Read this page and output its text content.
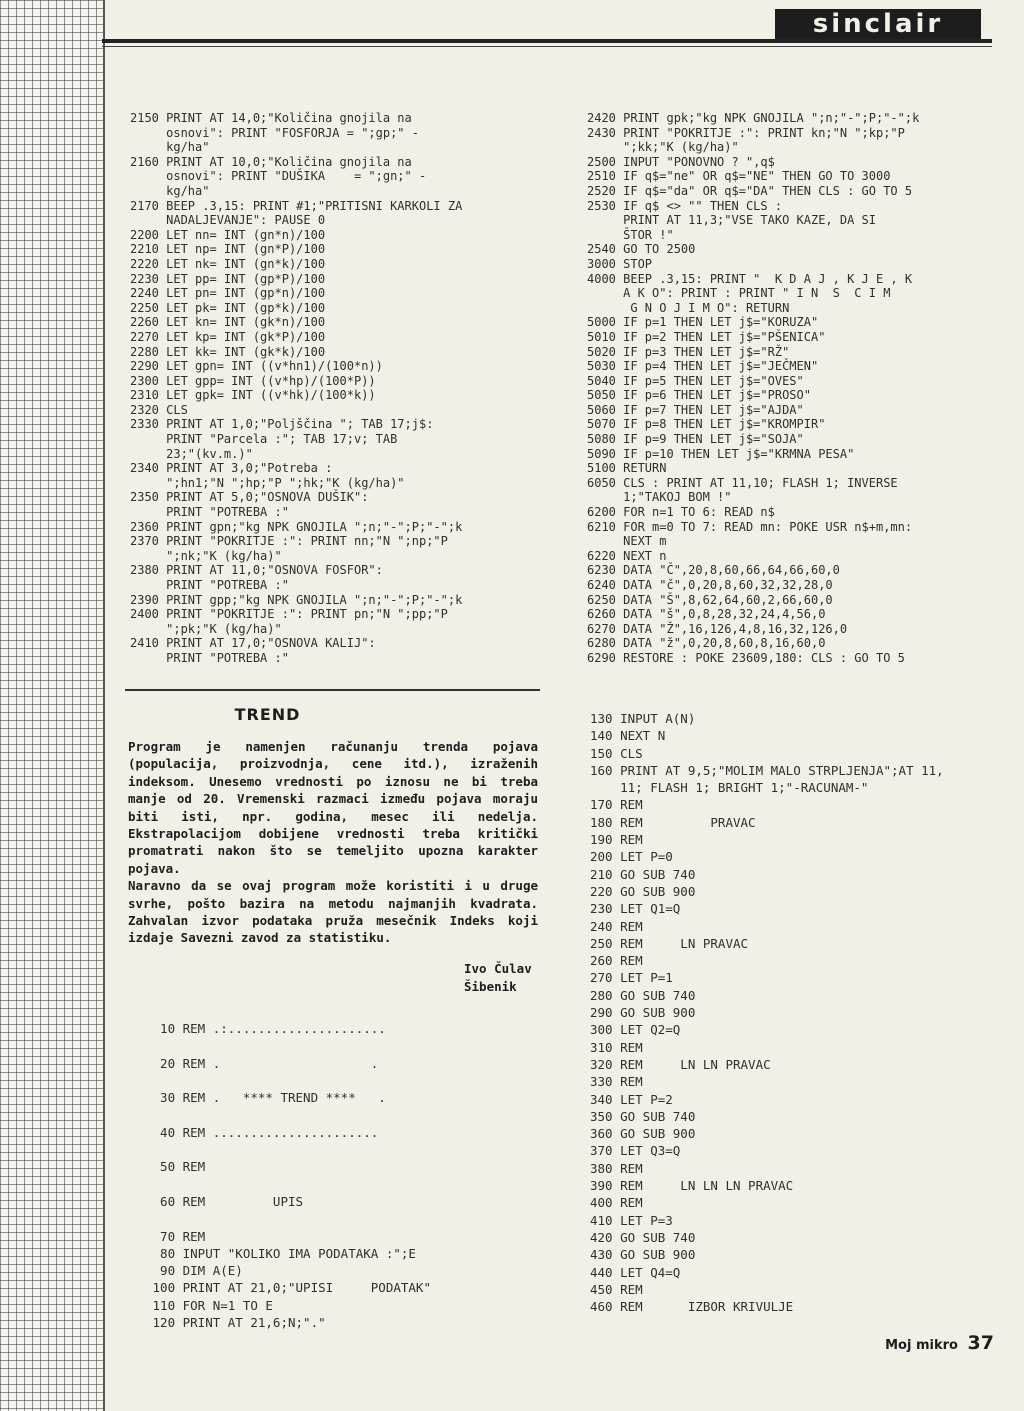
sinclair
2150 PRINT AT 14,0;"Količina gnojila na
osnovi": PRINT "FOSFORJA = ";gp;" -
kg/ha"
2160 PRINT AT 10,0;"Količina gnojila na
osnovi": PRINT "DUŠIKA    = ";gn;" -
kg/ha"
2170 BEEP .3,15: PRINT #1;"PRITISNI KARKOLI ZA
NADALJEVANJE": PAUSE 0
2200 LET nn= INT (gn*n)/100
2210 LET np= INT (gn*P)/100
2220 LET nk= INT (gn*k)/100
2230 LET pp= INT (gp*P)/100
2240 LET pn= INT (gp*n)/100
2250 LET pk= INT (gp*k)/100
2260 LET kn= INT (gk*n)/100
2270 LET kp= INT (gk*P)/100
2280 LET kk= INT (gk*k)/100
2290 LET gpn= INT ((v*hn1)/(100*n))
2300 LET gpp= INT ((v*hp)/(100*P))
2310 LET gpk= INT ((v*hk)/(100*k))
2320 CLS
2330 PRINT AT 1,0;"Poljščina "; TAB 17;j$:
PRINT "Parcela :"; TAB 17;v; TAB
23;"(kv.m.)"
2340 PRINT AT 3,0;"Potreba :
";hn1;"N ";hp;"P ";hk;"K (kg/ha)"
2350 PRINT AT 5,0;"OSNOVA DUŠIK":
PRINT "POTREBA :"
2360 PRINT gpn;"kg NPK GNOJILA ";n;"-";P;"-";k
2370 PRINT "POKRITJE :": PRINT nn;"N ";np;"P
";nk;"K (kg/ha)"
2380 PRINT AT 11,0;"OSNOVA FOSFOR":
PRINT "POTREBA :"
2390 PRINT gpp;"kg NPK GNOJILA ";n;"-";P;"-";k
2400 PRINT "POKRITJE :": PRINT pn;"N ";pp;"P
";pk;"K (kg/ha)"
2410 PRINT AT 17,0;"OSNOVA KALIJ":
PRINT "POTREBA :"
2420 PRINT gpk;"kg NPK GNOJILA ";n;"-";P;"-";k
2430 PRINT "POKRITJE :": PRINT kn;"N ";kp;"P
";kk;"K (kg/ha)"
2500 INPUT "PONOVNO ? ",q$
2510 IF q$="ne" OR q$="NE" THEN GO TO 3000
2520 IF q$="da" OR q$="DA" THEN CLS : GO TO 5
2530 IF q$ <> "" THEN CLS :
PRINT AT 11,3;"VSE TAKO KAZE, DA SI
ŠTOR !"
2540 GO TO 2500
3000 STOP
4000 BEEP .3,15: PRINT "  K D A J , K J E , K
A K O": PRINT : PRINT " I N  S  C I M
G N O J I M O": RETURN
5000 IF p=1 THEN LET j$="KORUZA"
5010 IF p=2 THEN LET j$="PŠENICA"
5020 IF p=3 THEN LET j$="RŽ"
5030 IF p=4 THEN LET j$="JEČMEN"
5040 IF p=5 THEN LET j$="OVES"
5050 IF p=6 THEN LET j$="PROSO"
5060 IF p=7 THEN LET j$="AJDA"
5070 IF p=8 THEN LET j$="KROMPIR"
5080 IF p=9 THEN LET j$="SOJA"
5090 IF p=10 THEN LET j$="KRMNA PESA"
5100 RETURN
6050 CLS : PRINT AT 11,10; FLASH 1; INVERSE
1;"TAKOJ BOM !"
6200 FOR n=1 TO 6: READ n$
6210 FOR m=0 TO 7: READ mn: POKE USR n$+m,mn:
NEXT m
6220 NEXT n
6230 DATA "Č",20,8,60,66,64,66,60,0
6240 DATA "č",0,20,8,60,32,32,28,0
6250 DATA "Š",8,62,64,60,2,66,60,0
6260 DATA "š",0,8,28,32,24,4,56,0
6270 DATA "Ž",16,126,4,8,16,32,126,0
6280 DATA "ž",0,20,8,60,8,16,60,0
6290 RESTORE : POKE 23609,180: CLS : GO TO 5
TREND

Program je namenjen računanju trenda pojava (populacija, proizvodnja, cene itd.), izraženih indeksom. Unesemo vrednosti po iznosu ne bi treba manje od 20. Vremenski razmaci između pojava moraju biti isti, npr. godina, mesec ili nedelja. Ekstrapolacijom dobijene vrednosti treba kritički promatrati nakon što se temeljito upozna karakter pojava.

Naravno da se ovaj program može koristiti i u druge svrhe, pošto bazira na metodu najmanjih kvadrata. Zahvalan izvor podataka pruža mesečnik Indeks koji izdaje Savezni zavod za statistiku.

Ivo Čulav
Šibenik
10 REM .:.....................
20 REM .                    .
30 REM .   **** TREND ****   .
40 REM ......................
50 REM
60 REM         UPIS
70 REM
80 INPUT "KOLIKO IMA PODATAKA :";E
90 DIM A(E)
100 PRINT AT 21,0;"UPISI     PODATAK"
110 FOR N=1 TO E
120 PRINT AT 21,6;N;"."
130 INPUT A(N)
140 NEXT N
150 CLS
160 PRINT AT 9,5;"MOLIM MALO STRPLJENJA";AT 11,
11; FLASH 1; BRIGHT 1;"-RACUNAM-"
170 REM
180 REM         PRAVAC
190 REM
200 LET P=0
210 GO SUB 740
220 GO SUB 900
230 LET Q1=Q
240 REM
250 REM     LN PRAVAC
260 REM
270 LET P=1
280 GO SUB 740
290 GO SUB 900
300 LET Q2=Q
310 REM
320 REM     LN LN PRAVAC
330 REM
340 LET P=2
350 GO SUB 740
360 GO SUB 900
370 LET Q3=Q
380 REM
390 REM     LN LN LN PRAVAC
400 REM
410 LET P=3
420 GO SUB 740
430 GO SUB 900
440 LET Q4=Q
450 REM
460 REM      IZBOR KRIVULJE
Moj mikro 37
